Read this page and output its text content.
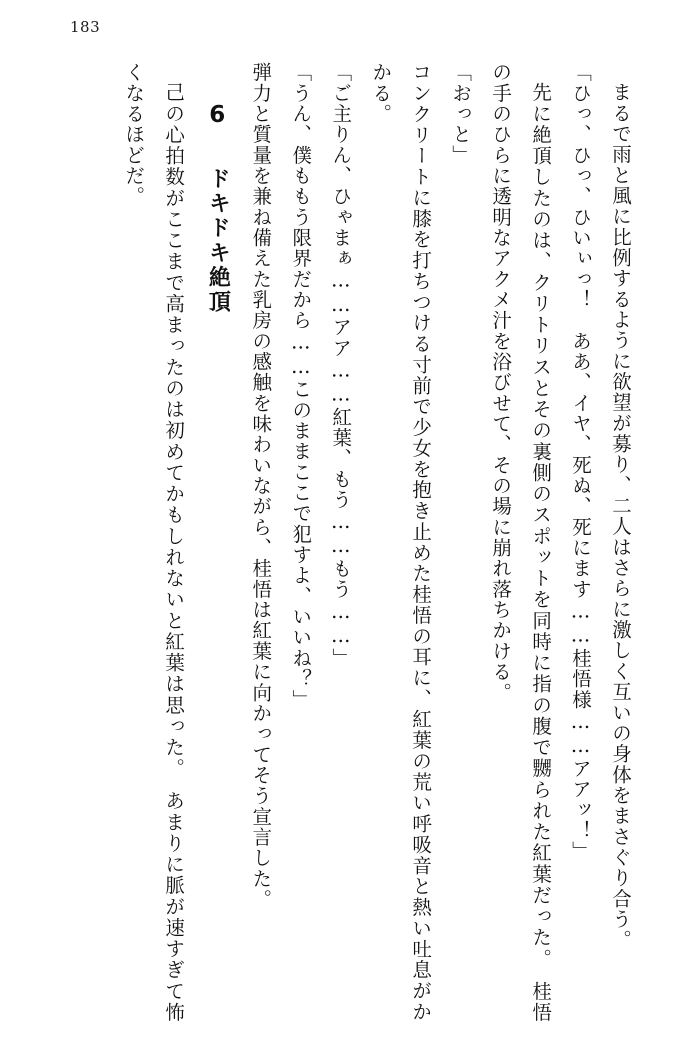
183

まるで雨と風に比例するように欲望が募り、二人はさらに激しく互いの身体をまさぐり合う。

「ひっ、ひっ、ひいぃっ！　ああ、イヤ、死ぬ、死にます……桂悟様……アアッ！」

先に絶頂したのは、クリトリスとその裏側のスポットを同時に指の腹で嬲られた紅葉だった。　桂悟の手のひらに透明なアクメ汁を浴びせて、その場に崩れ落ちかける。

「おっと」

コンクリートに膝を打ちつける寸前で少女を抱き止めた桂悟の耳に、紅葉の荒い呼吸音と熱い吐息がかかる。

「ご主りん、ひゃまぁ……アア……紅葉、もう……もう……」

「うん、僕ももう限界だから……このままここで犯すよ、いいね？」

弾力と質量を兼ね備えた乳房の感触を味わいながら、桂悟は紅葉に向かってそう宣言した。

6 ドキドキ絶頂

己の心拍数がここまで高まったのは初めてかもしれないと紅葉は思った。　あまりに脈が速すぎて怖くなるほどだ。
